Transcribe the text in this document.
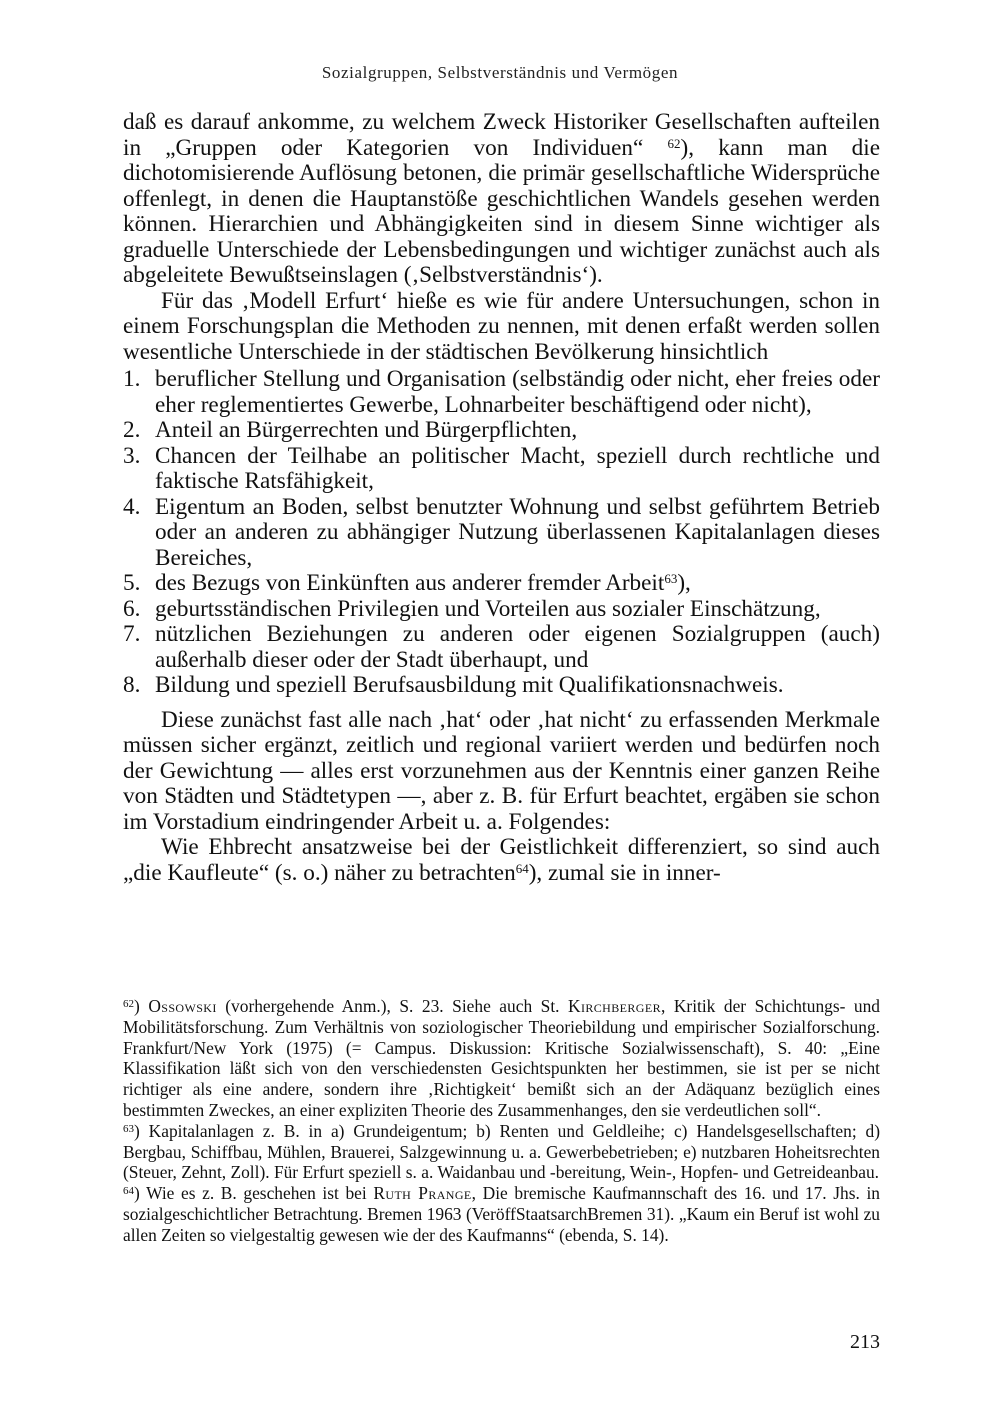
Sozialgruppen, Selbstverständnis und Vermögen

daß es darauf ankomme, zu welchem Zweck Historiker Gesellschaften aufteilen in „Gruppen oder Kategorien von Individuen“ $^{62}$), kann man die dichotomisierende Auflösung betonen, die primär gesellschaftliche Widersprüche offenlegt, in denen die Hauptanstöße geschichtlichen Wandels gesehen werden können. Hierarchien und Abhängigkeiten sind in diesem Sinne wichtiger als graduelle Unterschiede der Lebensbedingungen und wichtiger zunächst auch als abgeleitete Bewußtseinslagen (‚Selbstverständnis‘).

Für das ‚Modell Erfurt‘ hieße es wie für andere Untersuchungen, schon in einem Forschungsplan die Methoden zu nennen, mit denen erfaßt werden sollen wesentliche Unterschiede in der städtischen Bevölkerung hinsichtlich

1. beruflicher Stellung und Organisation (selbständig oder nicht, eher freies oder eher reglementiertes Gewerbe, Lohnarbeiter beschäftigend oder nicht),
2. Anteil an Bürgerrechten und Bürgerpflichten,
3. Chancen der Teilhabe an politischer Macht, speziell durch rechtliche und faktische Ratsfähigkeit,
4. Eigentum an Boden, selbst benutzter Wohnung und selbst geführtem Betrieb oder an anderen zu abhängiger Nutzung überlassenen Kapitalanlagen dieses Bereiches,
5. des Bezugs von Einkünften aus anderer fremder Arbeit$^{63}$),
6. geburtsständischen Privilegien und Vorteilen aus sozialer Einschätzung,
7. nützlichen Beziehungen zu anderen oder eigenen Sozialgruppen (auch) außerhalb dieser oder der Stadt überhaupt, und
8. Bildung und speziell Berufsausbildung mit Qualifikationsnachweis.

Diese zunächst fast alle nach ‚hat‘ oder ‚hat nicht‘ zu erfassenden Merkmale müssen sicher ergänzt, zeitlich und regional variiert werden und bedürfen noch der Gewichtung — alles erst vorzunehmen aus der Kenntnis einer ganzen Reihe von Städten und Städtetypen —, aber z. B. für Erfurt beachtet, ergäben sie schon im Vorstadium eindringender Arbeit u. a. Folgendes:

Wie Ehbrecht ansatzweise bei der Geistlichkeit differenziert, so sind auch „die Kaufleute“ (s. o.) näher zu betrachten$^{64}$), zumal sie in inner-

$^{62}$) Ossowski (vorhergehende Anm.), S. 23. Siehe auch St. Kirchberger, Kritik der Schichtungs- und Mobilitätsforschung. Zum Verhältnis von soziologischer Theoriebildung und empirischer Sozialforschung. Frankfurt/New York (1975) (= Campus. Diskussion: Kritische Sozialwissenschaft), S. 40: „Eine Klassifikation läßt sich von den verschiedensten Gesichtspunkten her bestimmen, sie ist per se nicht richtiger als eine andere, sondern ihre ‚Richtigkeit‘ bemißt sich an der Adäquanz bezüglich eines bestimmten Zweckes, an einer expliziten Theorie des Zusammenhanges, den sie verdeutlichen soll“.

$^{63}$) Kapitalanlagen z. B. in a) Grundeigentum; b) Renten und Geldleihe; c) Handelsgesellschaften; d) Bergbau, Schiffbau, Mühlen, Brauerei, Salzgewinnung u. a. Gewerbebetrieben; e) nutzbaren Hoheitsrechten (Steuer, Zehnt, Zoll). Für Erfurt speziell s. a. Waidanbau und -bereitung, Wein-, Hopfen- und Getreideanbau.

$^{64}$) Wie es z. B. geschehen ist bei Ruth Prange, Die bremische Kaufmannschaft des 16. und 17. Jhs. in sozialgeschichtlicher Betrachtung. Bremen 1963 (VeröffStaatsarchBremen 31). „Kaum ein Beruf ist wohl zu allen Zeiten so vielgestaltig gewesen wie der des Kaufmanns“ (ebenda, S. 14).

213
